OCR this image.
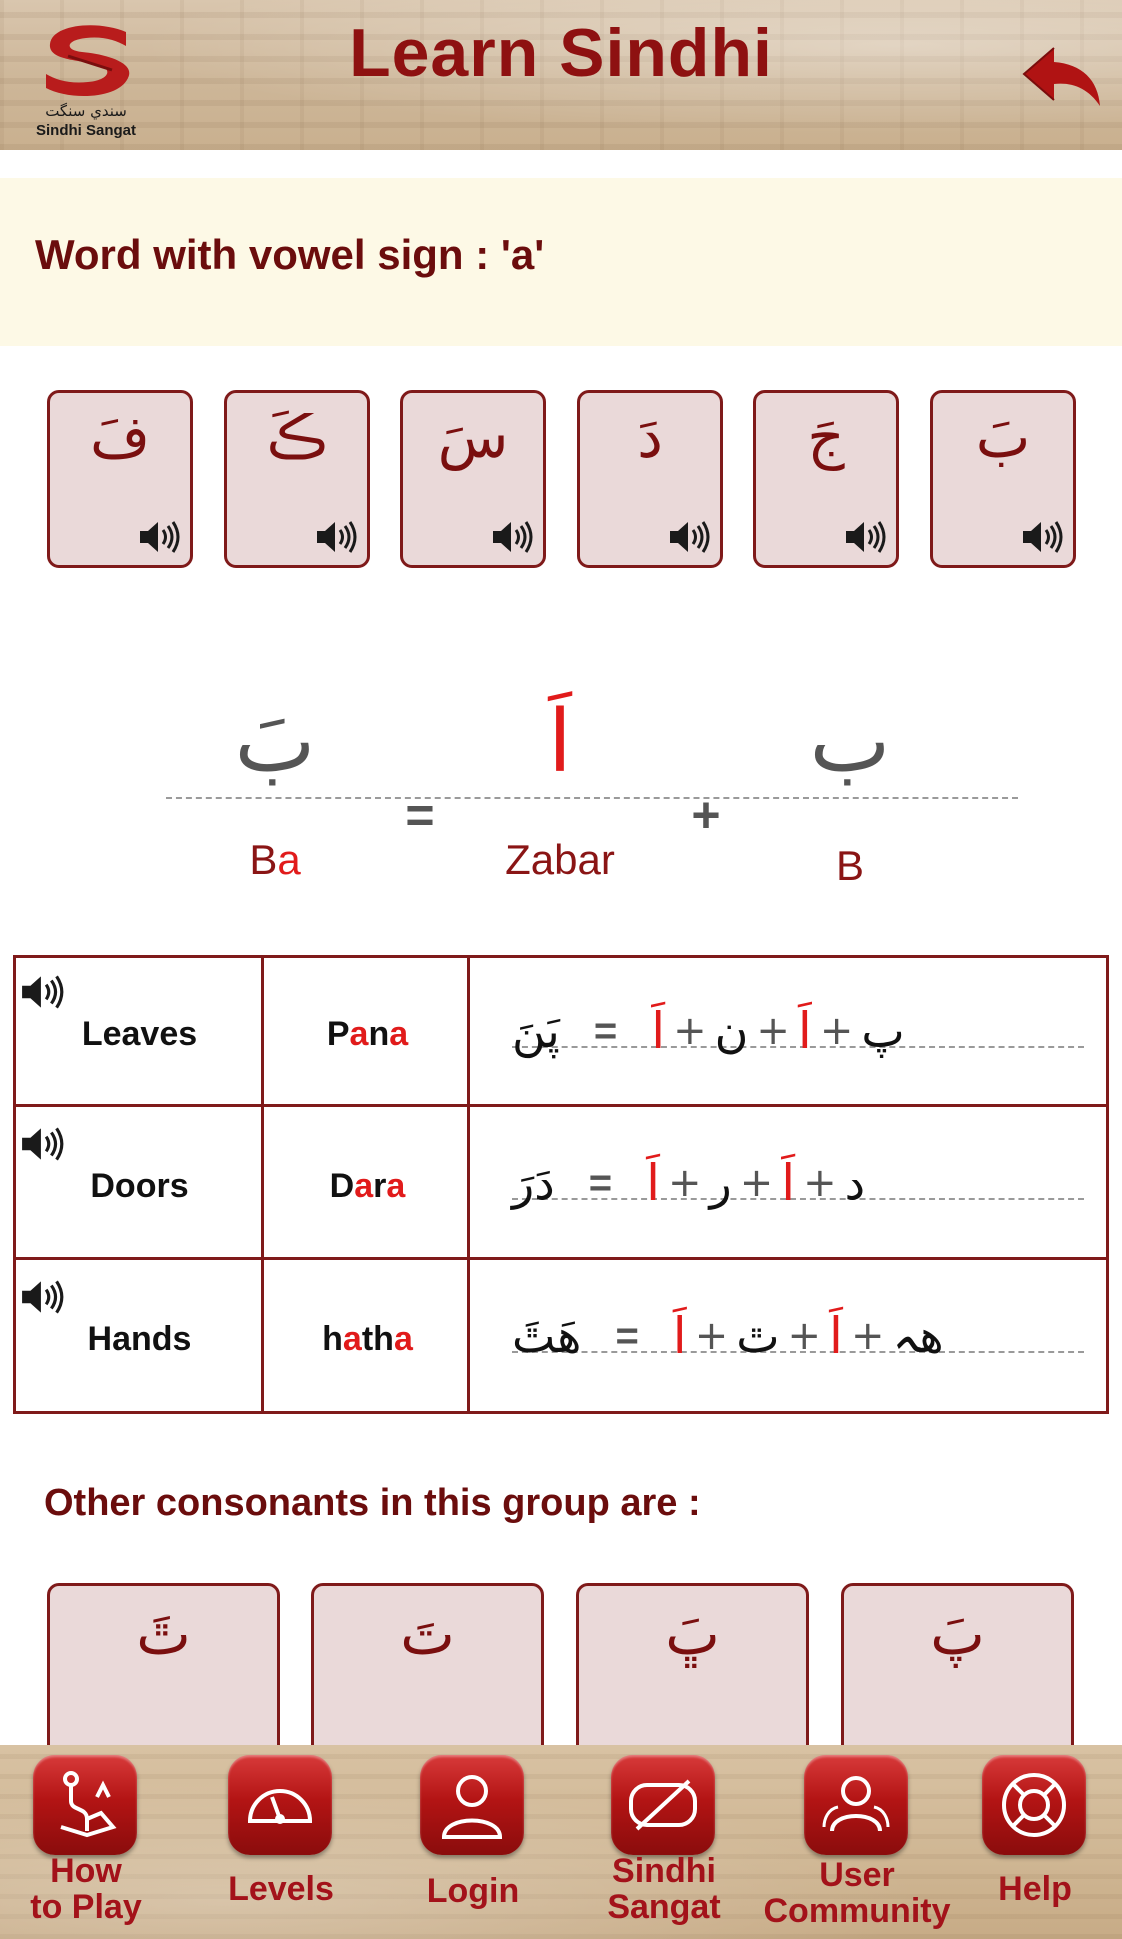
سندي سنگت
Sindhi Sangat
Learn Sindhi
Word with vowel sign : 'a'
فَ	ڪَ	سَ	دَ	جَ	بَ
بَ
=
اَ
+
ب
Ba	Zabar	B
Leaves	P a n a پَنَ = اَ + ن + اَ + پ
Doors	D a r a دَرَ = اَ + ر + اَ + د
Hands	h a th a هَٿَ = اَ + ٿ + اَ + هہ
Other consonants in this group are :
ٿَ	تَ	ڀَ	پَ
How
to Play	Levels	Login
Sindhi
Sangat
User
Community
Help
